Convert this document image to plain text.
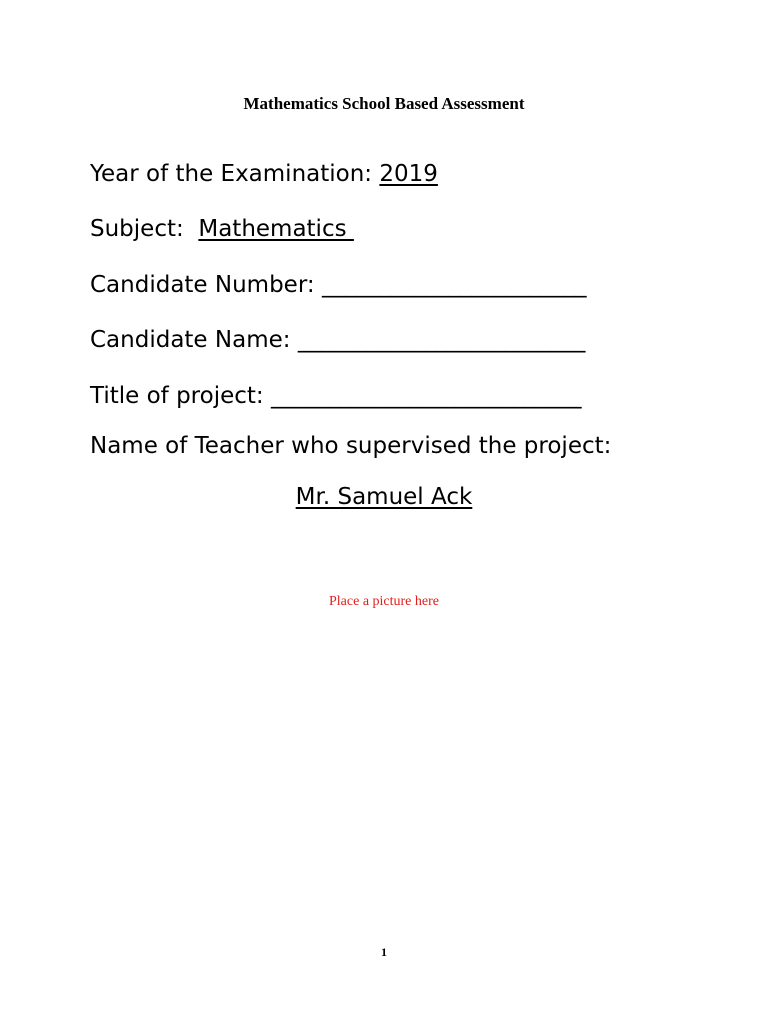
Mathematics School Based Assessment
Year of the Examination: 2019
Subject:  Mathematics
Candidate Number: _______________________
Candidate Name: _________________________
Title of project: ___________________________
Name of Teacher who supervised the project:
Mr. Samuel Ack
Place a picture here
1
